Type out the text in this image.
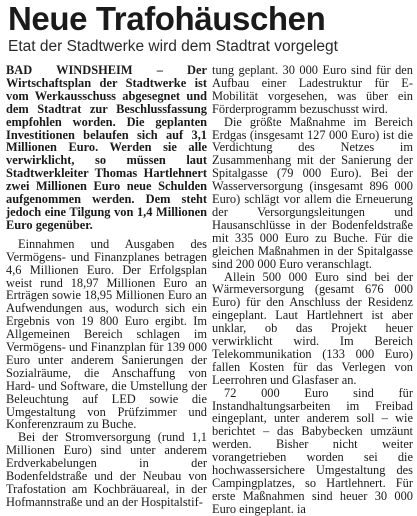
Neue Trafohäuschen
Etat der Stadtwerke wird dem Stadtrat vorgelegt

BAD WINDSHEIM – Der Wirtschaftsplan der Stadtwerke ist vom Werkausschuss abgesegnet und dem Stadtrat zur Beschlussfassung empfohlen worden. Die geplanten Investitionen belaufen sich auf 3,1 Millionen Euro. Werden sie alle verwirklicht, so müssen laut Stadtwerkleiter Thomas Hartlehnert zwei Millionen Euro neue Schulden aufgenommen werden. Dem steht jedoch eine Tilgung von 1,4 Millionen Euro gegenüber.

Einnahmen und Ausgaben des Vermögens- und Finanzplanes betragen 4,6 Millionen Euro. Der Erfolgsplan weist rund 18,97 Millionen Euro an Erträgen sowie 18,95 Millionen Euro an Aufwendungen aus, wodurch sich ein Ergebnis von 19 800 Euro ergibt. Im Allgemeinen Bereich schlagen im Vermögens- und Finanzplan für 139 000 Euro unter anderem Sanierungen der Sozialräume, die Anschaffung von Hard- und Software, die Umstellung der Beleuchtung auf LED sowie die Umgestaltung von Prüfzimmer und Konferenzraum zu Buche.

Bei der Stromversorgung (rund 1,1 Millionen Euro) sind unter anderem Erdverkabelungen in der Bodenfeldstraße und der Neubau von Trafostation am Kochbräuareal, in der Hofmannstraße und an der Hospitalstif-

tung geplant. 30 000 Euro sind für den Aufbau einer Ladestruktur für E-Mobilität vorgesehen, was über ein Förderprogramm bezuschusst wird.

Die größte Maßnahme im Bereich Erdgas (insgesamt 127 000 Euro) ist die Verdichtung des Netzes im Zusammenhang mit der Sanierung der Spitalgasse (79 000 Euro). Bei der Wasserversorgung (insgesamt 896 000 Euro) schlägt vor allem die Erneuerung der Versorgungsleitungen und Hausanschlüsse in der Bodenfeldstraße mit 335 000 Euro zu Buche. Für die gleichen Maßnahmen in der Spitalgasse sind 200 000 Euro veranschlagt.

Allein 500 000 Euro sind bei der Wärmeversorgung (gesamt 676 000 Euro) für den Anschluss der Residenz eingeplant. Laut Hartlehnert ist aber unklar, ob das Projekt heuer verwirklicht wird. Im Bereich Telekommunikation (133 000 Euro) fallen Kosten für das Verlegen von Leerrohren und Glasfaser an.

72 000 Euro sind für Instandhaltungsarbeiten im Freibad eingeplant, unter anderem soll – wie berichtet – das Babybecken umzäunt werden. Bisher nicht weiter vorangetrieben worden sei die hochwassersichere Umgestaltung des Campingplatzes, so Hartlehnert. Für erste Maßnahmen sind heuer 30 000 Euro eingeplant. ia
